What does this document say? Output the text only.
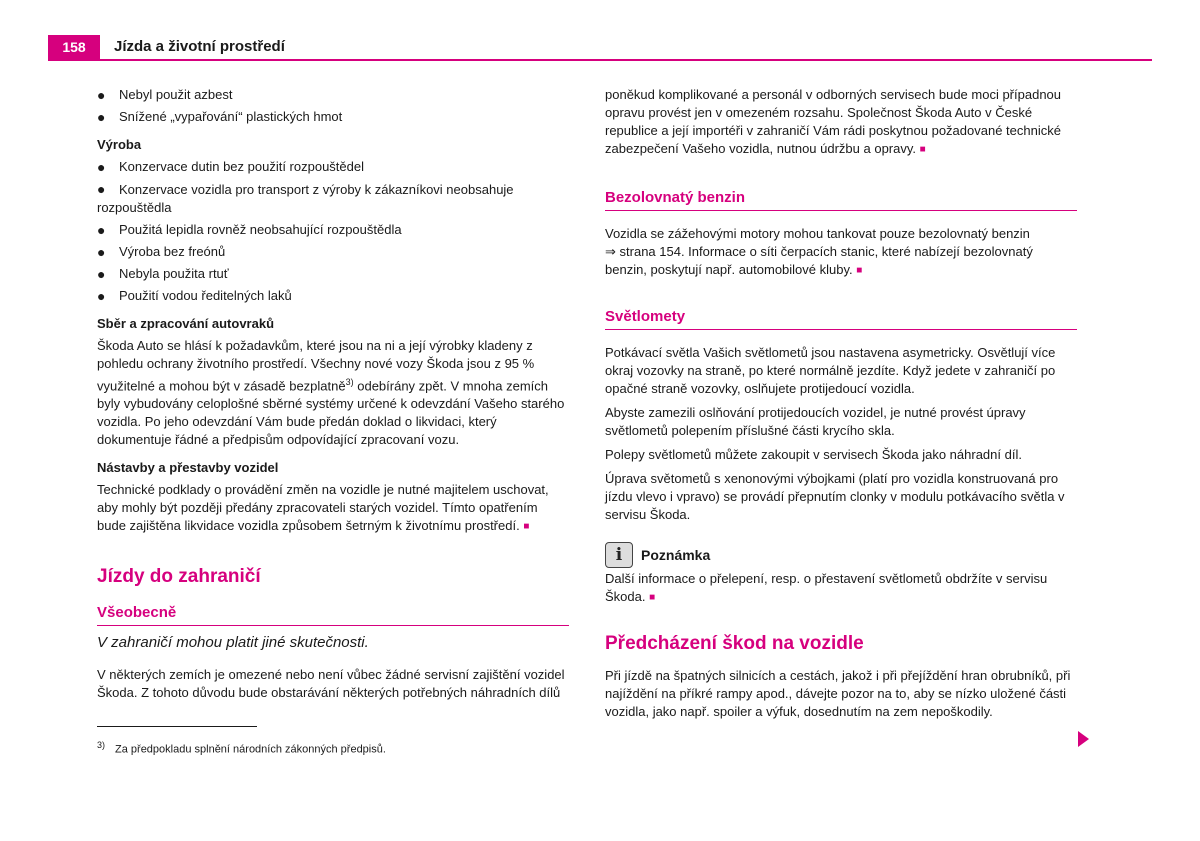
158	Jízda a životní prostředí
● Nebyl použit azbest
● Snížené „vypařování“ plastických hmot
Výroba
● Konzervace dutin bez použití rozpouštědel
● Konzervace vozidla pro transport z výroby k zákazníkovi neobsahuje rozpouštědla
● Použitá lepidla rovněž neobsahující rozpouštědla
● Výroba bez freónů
● Nebyla použita rtuť
● Použití vodou ředitelných laků
Sběr a zpracování autovraků

Škoda Auto se hlásí k požadavkům, které jsou na ni a její výrobky kladeny z pohledu ochrany životního prostředí. Všechny nové vozy Škoda jsou z 95 % využitelné a mohou být v zásadě bezplatně$^{3)}$ odebírány zpět. V mnoha zemích byly vybudovány celoplošné sběrné systémy určené k odevzdání Vašeho starého vozidla. Po jeho odevzdání Vám bude předán doklad o likvidaci, který dokumentuje řádné a předpisům odpovídající zpracovaní vozu.

Nástavby a přestavby vozidel

Technické podklady o provádění změn na vozidle je nutné majitelem uschovat, aby mohly být později předány zpracovateli starých vozidel. Tímto opatřením bude zajištěna likvidace vozidla způsobem šetrným k životnímu prostředí. ■

Jízdy do zahraničí
Všeobecně

V zahraničí mohou platit jiné skutečnosti.

V některých zemích je omezené nebo není vůbec žádné servisní zajištění vozidel Škoda. Z tohoto důvodu bude obstarávání některých potřebných náhradních dílů

$^{3)}$ Za předpokladu splnění národních zákonných předpisů.

poněkud komplikované a personál v odborných servisech bude moci případnou opravu provést jen v omezeném rozsahu. Společnost Škoda Auto v České republice a její importéři v zahraničí Vám rádi poskytnou požadované technické zabezpečení Vašeho vozidla, nutnou údržbu a opravy. ■

Bezolovnatý benzin

Vozidla se zážehovými motory mohou tankovat pouze bezolovnatý benzin
⇒ strana 154. Informace o síti čerpacích stanic, které nabízejí bezolovnatý benzin, poskytují např. automobilové kluby. ■

Světlomety

Potkávací světla Vašich světlometů jsou nastavena asymetricky. Osvětlují více okraj vozovky na straně, po které normálně jezdíte. Když jedete v zahraničí po opačné straně vozovky, oslňujete protijedoucí vozidla.

Abyste zamezili oslňování protijedoucích vozidel, je nutné provést úpravy světlometů polepením příslušné části krycího skla.

Polepy světlometů můžete zakoupit v servisech Škoda jako náhradní díl.

Úprava světometů s xenonovými výbojkami (platí pro vozidla konstruovaná pro jízdu vlevo i vpravo) se provádí přepnutím clonky v modulu potkávacího světla v servisu Škoda.

i	Poznámka

Další informace o přelepení, resp. o přestavení světlometů obdržíte v servisu Škoda. ■

Předcházení škod na vozidle

Při jízdě na špatných silnicích a cestách, jakož i při přejíždění hran obrubníků, při najíždění na příkré rampy apod., dávejte pozor na to, aby se nízko uložené části vozidla, jako např. spoiler a výfuk, dosednutím na zem nepoškodily.
